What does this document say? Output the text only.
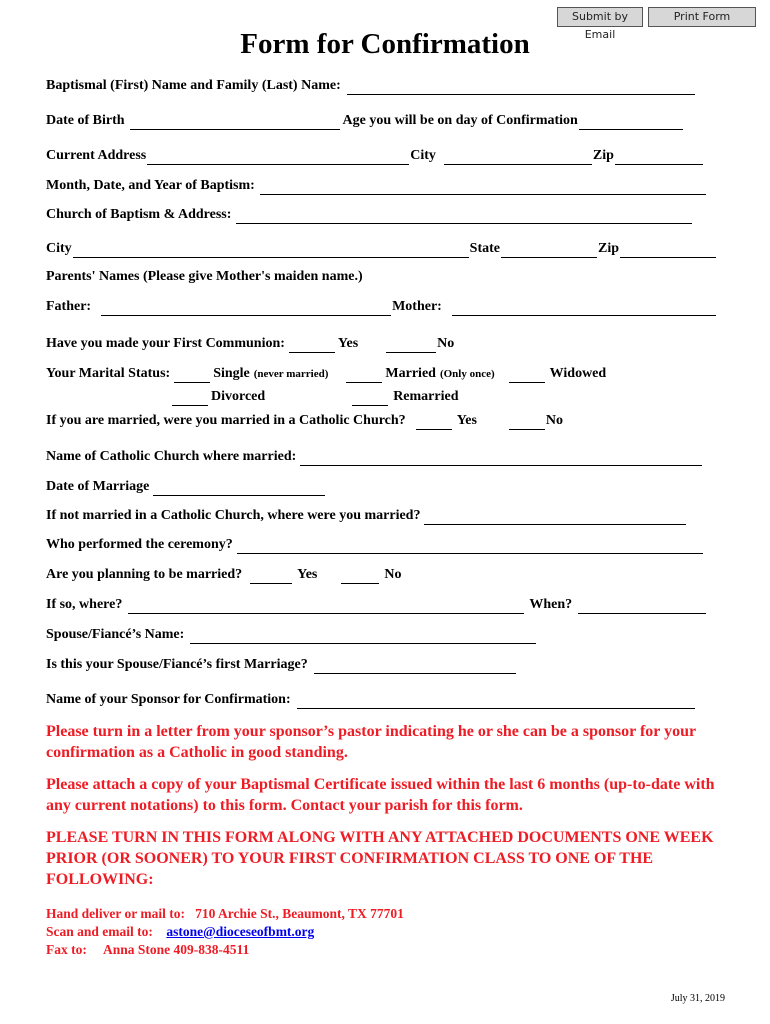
Submit by Email
Print Form
Form for Confirmation
Baptismal (First) Name and Family (Last) Name:
Date of Birth	Age you will be on day of Confirmation
Current Address	City	Zip
Month, Date, and Year of Baptism:
Church of Baptism & Address:
City	State	Zip
Parents' Names (Please give Mother's maiden name.)
Father:	Mother:
Have you made your First Communion:	Yes	No
Your Marital Status:	Single (never married)	Married (Only once)	Widowed
Divorced	Remarried
If you are married, were you married in a Catholic Church?	Yes	No
Name of Catholic Church where married:
Date of Marriage
If not married in a Catholic Church, where were you married?
Who performed the ceremony?
Are you planning to be married?	Yes	No
If so, where?	When?
Spouse/Fiancé’s Name:
Is this your Spouse/Fiancé’s first Marriage?
Name of your Sponsor for Confirmation:

Please turn in a letter from your sponsor’s pastor indicating he or she can be a sponsor for your confirmation as a Catholic in good standing.

Please attach a copy of your Baptismal Certificate issued within the last 6 months (up-to-date with any current notations) to this form. Contact your parish for this form.

PLEASE TURN IN THIS FORM ALONG WITH ANY ATTACHED DOCUMENTS ONE WEEK PRIOR (OR SOONER) TO YOUR FIRST CONFIRMATION CLASS TO ONE OF THE FOLLOWING:

Hand deliver or mail to: 710 Archie St., Beaumont, TX 77701
Scan and email to: astone@dioceseofbmt.org
Fax to: Anna Stone 409-838-4511
July 31, 2019
